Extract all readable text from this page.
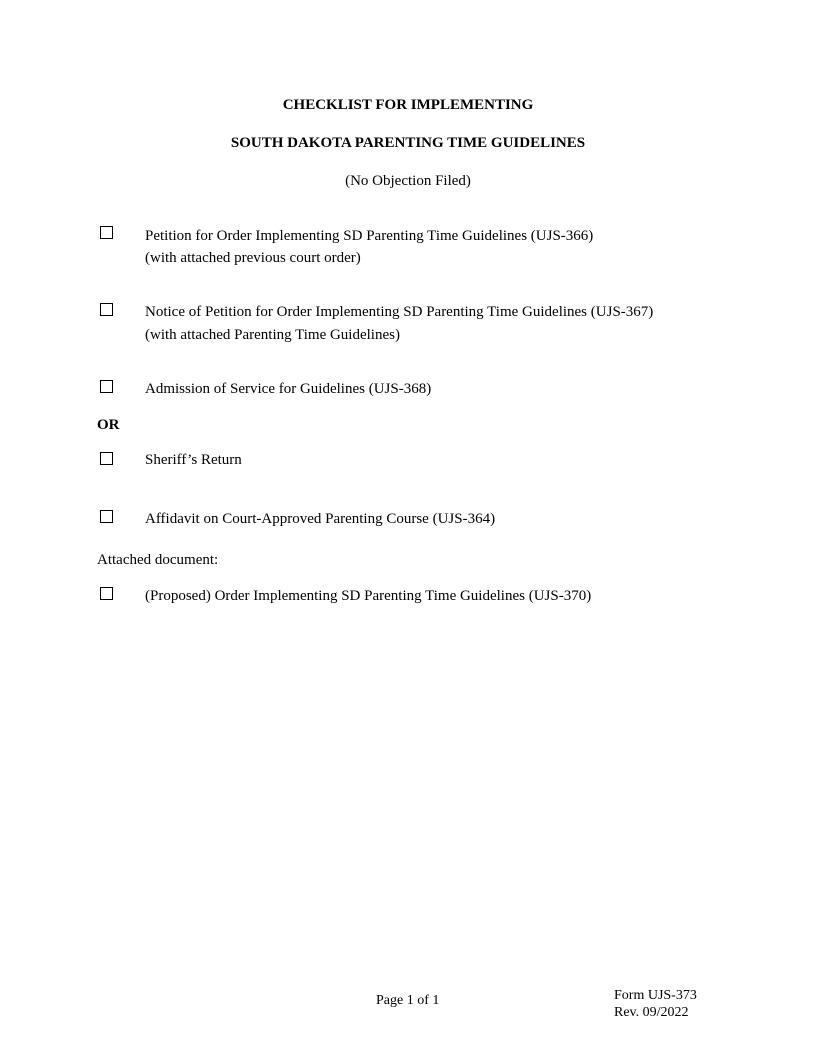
CHECKLIST FOR IMPLEMENTING
SOUTH DAKOTA PARENTING TIME GUIDELINES
(No Objection Filed)
Petition for Order Implementing SD Parenting Time Guidelines (UJS-366)
(with attached previous court order)
Notice of Petition for Order Implementing SD Parenting Time Guidelines (UJS-367)
(with attached Parenting Time Guidelines)
Admission of Service for Guidelines (UJS-368)
OR
Sheriff’s Return
Affidavit on Court-Approved Parenting Course (UJS-364)
Attached document:
(Proposed) Order Implementing SD Parenting Time Guidelines (UJS-370)
Page 1 of 1	Form UJS-373
Rev. 09/2022
